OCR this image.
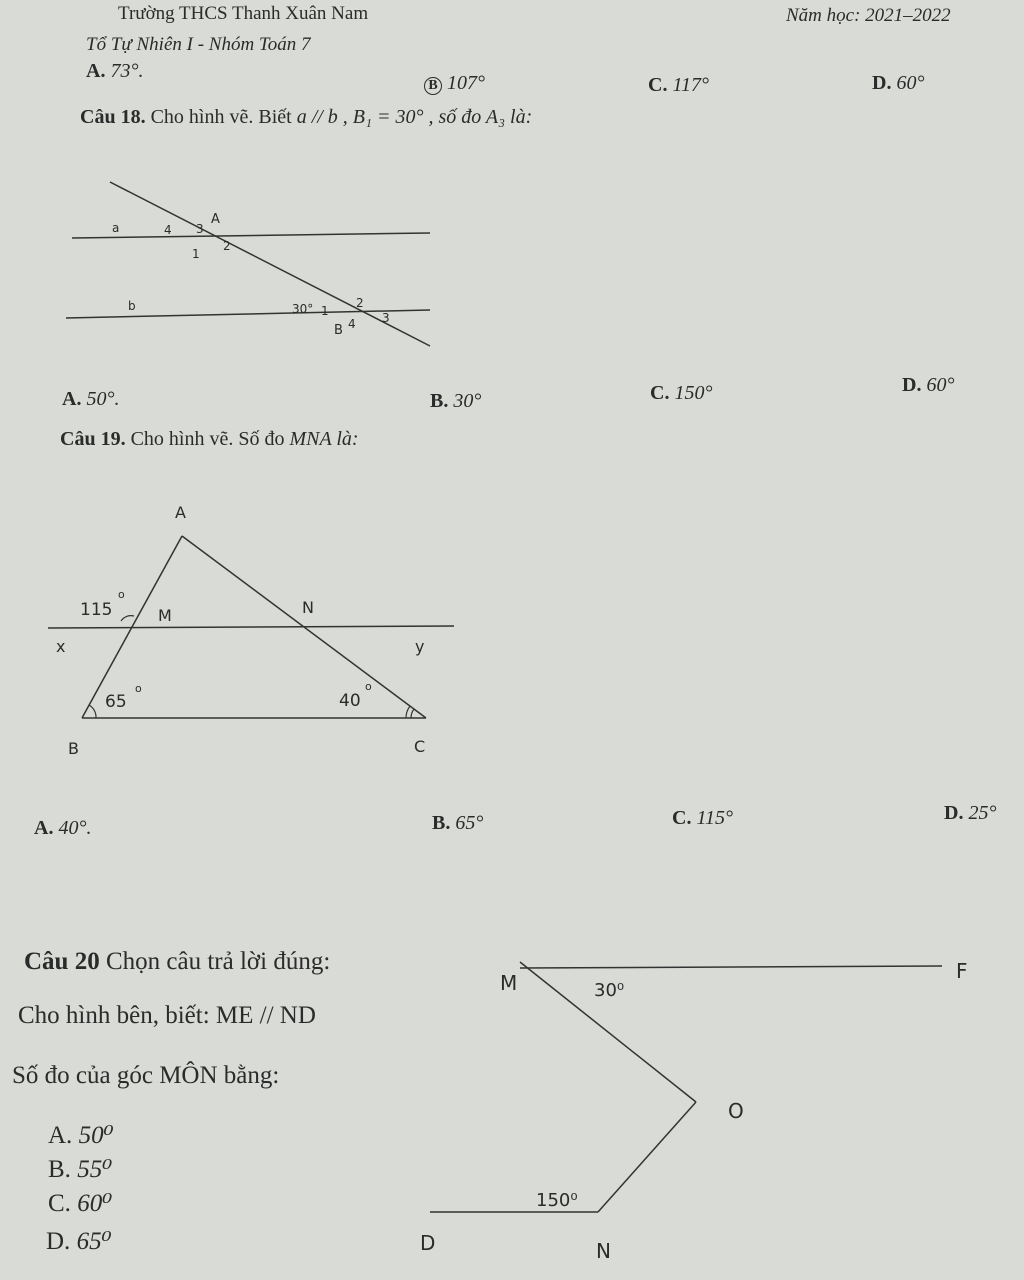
Trường THCS Thanh Xuân Nam
Tổ Tự Nhiên I - Nhóm Toán 7
Năm học: 2021–2022
A. 73°.
B 107°	C. 117°	D. 60°
Câu 18. Cho hình vẽ. Biết a // b , B₁ = 30° , số đo A₃ là:
a
b
A
B
4 3
1
2
30° 1
2
4 3
A. 50°.	B. 30°	C. 150°	D. 60°
Câu 19. Cho hình vẽ. Số đo MNA là:
A
B	C
M	N
x	y
115
o
65
o
40
o
A. 40°.	B. 65°	C. 115°	D. 25°
Câu 20 Chọn câu trả lời đúng:
Cho hình bên, biết: ME // ND
Số đo của góc MÔN bằng:
A. 50⁰
B. 55⁰
C. 60⁰
D. 65⁰
M	F
O
D	N
30⁰
150⁰
